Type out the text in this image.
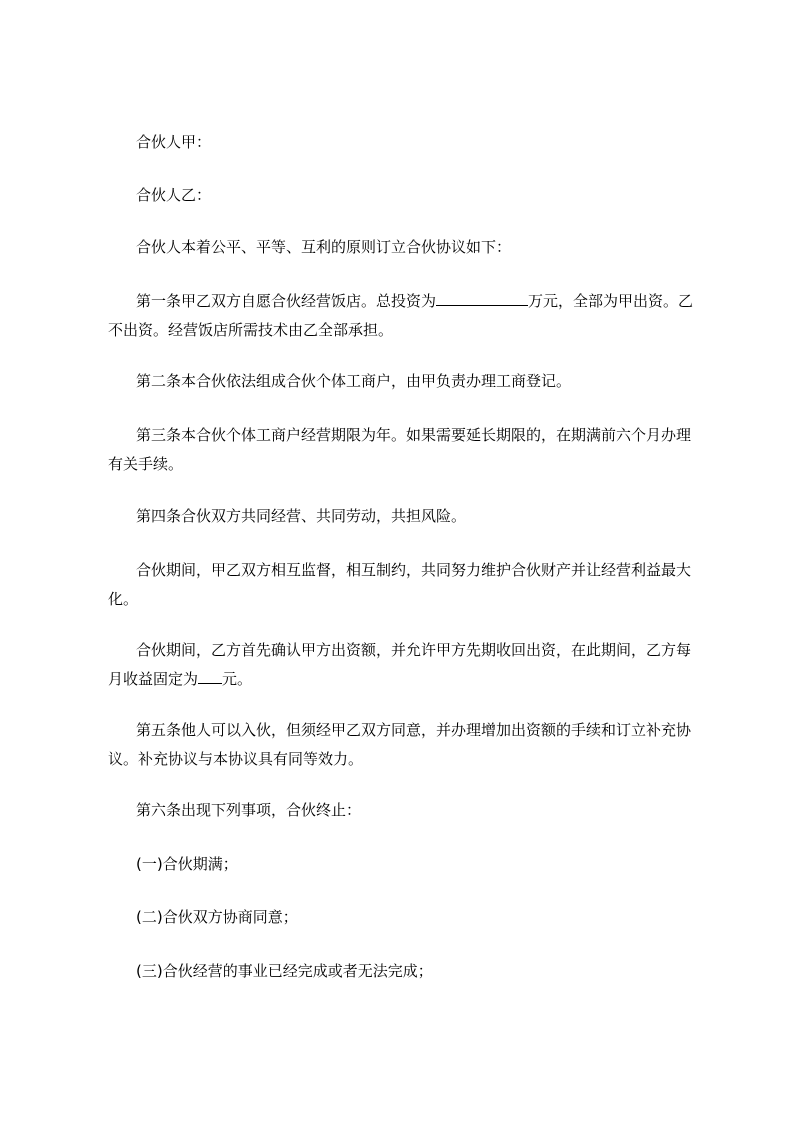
合伙人甲：

合伙人乙：

合伙人本着公平、平等、互利的原则订立合伙协议如下：

第一条甲乙双方自愿合伙经营饭店。总投资为	万元，全部为甲出资。乙不出资。经营饭店所需技术由乙全部承担。

第二条本合伙依法组成合伙个体工商户，由甲负责办理工商登记。

第三条本合伙个体工商户经营期限为年。如果需要延长期限的，在期满前六个月办理有关手续。

第四条合伙双方共同经营、共同劳动，共担风险。

合伙期间，甲乙双方相互监督，相互制约，共同努力维护合伙财产并让经营利益最大化。

合伙期间，乙方首先确认甲方出资额，并允许甲方先期收回出资，在此期间，乙方每月收益固定为 元。

第五条他人可以入伙，但须经甲乙双方同意，并办理增加出资额的手续和订立补充协议。补充协议与本协议具有同等效力。

第六条出现下列事项，合伙终止：

(一)合伙期满；

(二)合伙双方协商同意；

(三)合伙经营的事业已经完成或者无法完成；
